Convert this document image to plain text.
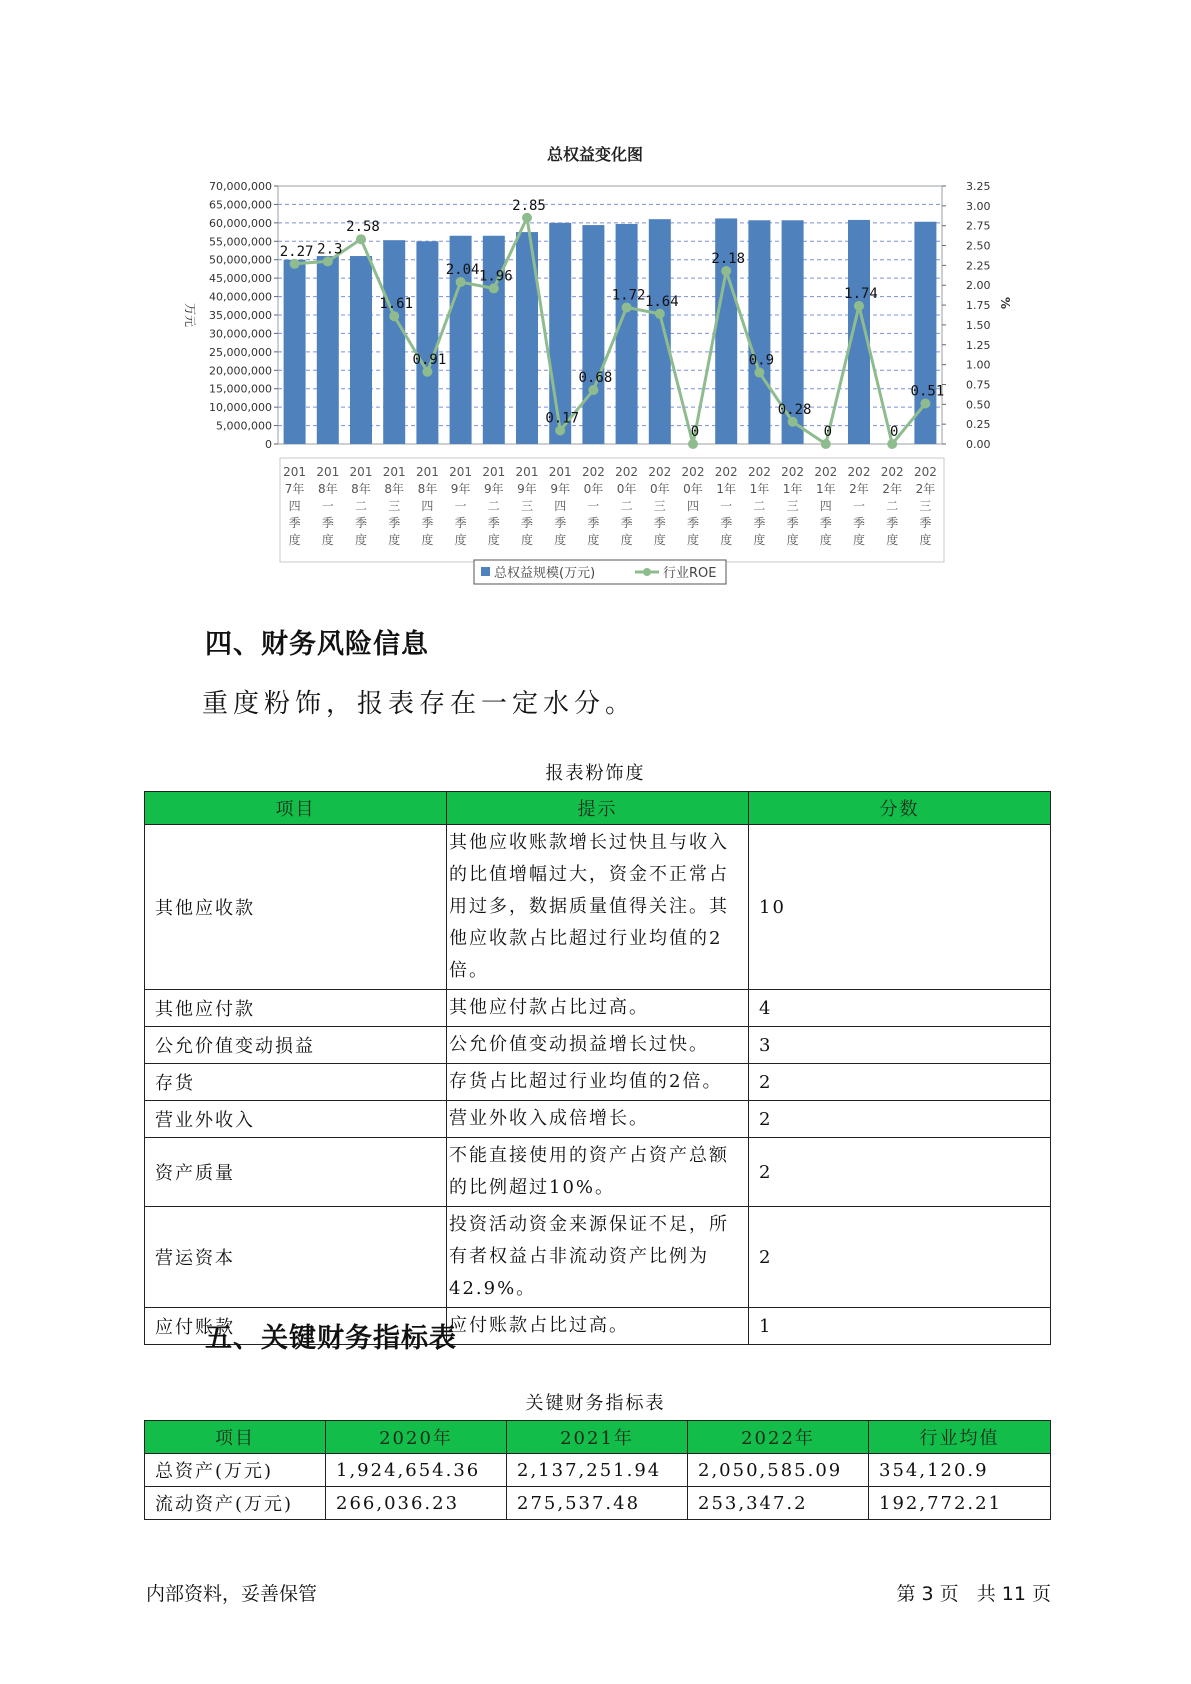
总权益变化图
0
5,000,000
10,000,000
15,000,000
20,000,000
25,000,000
30,000,000
35,000,000
40,000,000
45,000,000
50,000,000
55,000,000
60,000,000
65,000,000
70,000,000
0.00
0.25
0.50
0.75
1.00
1.25
1.50
1.75
2.00
2.25
2.50
2.75
3.00
3.25
万元	%
201
7年
四
季
度
201
8年
一
季
度
201
8年
二
季
度
201
8年
三
季
度
201
8年
四
季
度
201
9年
一
季
度
201
9年
二
季
度
201
9年
三
季
度
201
9年
四
季
度
202
0年
一
季
度
202
0年
二
季
度
202
0年
三
季
度
202
0年
四
季
度
202
1年
一
季
度
202
1年
二
季
度
202
1年
三
季
度
202
1年
四
季
度
202
2年
一
季
度
202
2年
二
季
度
202
2年
三
季
度
2.27 2.3
2.58
1.61
0.91
2.04 1.96
2.85
0.17
0.68
1.72 1.64
0
2.18
0.9
0.28
0
1.74
0
0.51
总权益规模(万元)	行业ROE
四、财务风险信息

重度粉饰，报表存在一定水分。

报表粉饰度
项目	提示	分数
其他应收款	其他应收账款增长过快且与收入的比值增幅过大，资金不正常占用过多，数据质量值得关注。其他应收款占比超过行业均值的2倍。	10
其他应付款	其他应付款占比过高。	4
公允价值变动损益	公允价值变动损益增长过快。	3
存货	存货占比超过行业均值的2倍。	2
营业外收入	营业外收入成倍增长。	2
资产质量	不能直接使用的资产占资产总额的比例超过10%。	2
营运资本	投资活动资金来源保证不足，所有者权益占非流动资产比例为42.9%。	2
应付账款	应付账款占比过高。	1
五、关键财务指标表
关键财务指标表
项目	2020年	2021年	2022年	行业均值
总资产(万元)	1,924,654.36	2,137,251.94	2,050,585.09	354,120.9
流动资产(万元)	266,036.23	275,537.48	253,347.2	192,772.21
内部资料，妥善保管	第 3 页   共 11 页
